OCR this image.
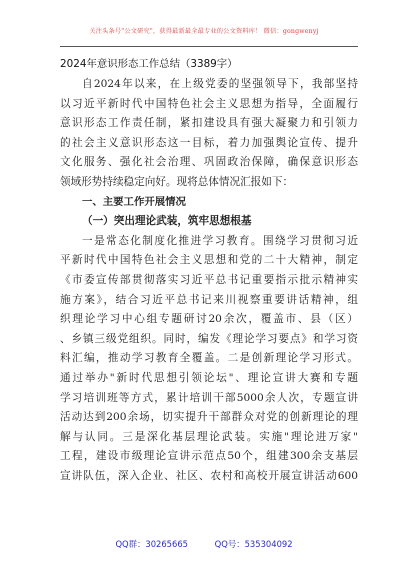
关注头条号"公文研究"，获得最新最全最专业的公文资料库！ 微信：gongwenyj
2024年意识形态工作总结（3389字）
自2024年以来，在上级党委的坚强领导下，我部坚持
以习近平新时代中国特色社会主义思想为指导，全面履行
意识形态工作责任制，紧扣建设具有强大凝聚力和引领力
的社会主义意识形态这一目标，着力加强舆论宣传、提升
文化服务、强化社会治理、巩固政治保障，确保意识形态
领域形势持续稳定向好。现将总体情况汇报如下：
一、主要工作开展情况
（一）突出理论武装，筑牢思想根基
一是常态化制度化推进学习教育。围绕学习贯彻习近
平新时代中国特色社会主义思想和党的二十大精神，制定
《市委宣传部贯彻落实习近平总书记重要指示批示精神实
施方案》，结合习近平总书记来川视察重要讲话精神，组
织理论学习中心组专题研讨20余次，覆盖市、县（区）
、乡镇三级党组织。同时，编发《理论学习要点》和学习资
料汇编，推动学习教育全覆盖。二是创新理论学习形式。
通过举办"新时代思想引领论坛"、理论宣讲大赛和专题
学习培训班等方式，累计培训干部5000余人次，专题宣讲
活动达到200余场，切实提升干部群众对党的创新理论的理
解与认同。三是深化基层理论武装。实施"理论进万家"
工程，建设市级理论宣讲示范点50个，组建300余支基层
宣讲队伍，深入企业、社区、农村和高校开展宣讲活动600
QQ群：30265665	QQ号：535304092
